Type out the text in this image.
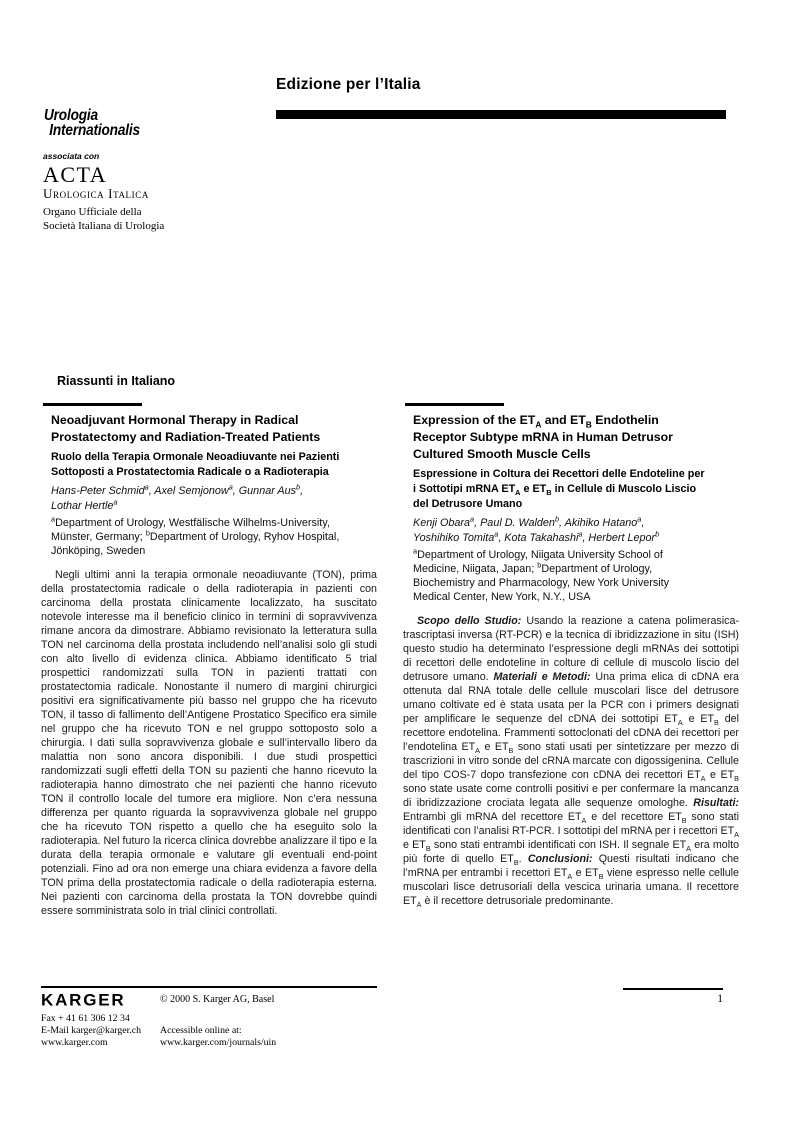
Edizione per l’Italia
Urologia
Internationalis
associata con
ACTA
Urologica Italica
Organo Ufficiale della
Società Italiana di Urologia
Riassunti in Italiano
Neoadjuvant Hormonal Therapy in Radical
Prostatectomy and Radiation-Treated Patients
Ruolo della Terapia Ormonale Neoadiuvante nei Pazienti
Sottoposti a Prostatectomia Radicale o a Radioterapia
Hans-Peter Schmid$^a$, Axel Semjonow$^a$, Gunnar Aus$^b$,
Lothar Hertle$^a$
$^a$Department of Urology, Westfälische Wilhelms-University,
Münster, Germany; $^b$Department of Urology, Ryhov Hospital,
Jönköping, Sweden

Negli ultimi anni la terapia ormonale neoadiuvante (TON), prima della prostatectomia radicale o della radioterapia in pazienti con carcinoma della prostata clinicamente localizzato, ha suscitato notevole interesse ma il beneficio clinico in termini di sopravvivenza rimane ancora da dimostrare. Abbiamo revisionato la letteratura sulla TON nel carcinoma della prostata includendo nell’analisi solo gli studi con alto livello di evidenza clinica. Abbiamo identificato 5 trial prospettici randomizzati sulla TON in pazienti trattati con prostatectomia radicale. Nonostante il numero di margini chirurgici positivi era significativamente più basso nel gruppo che ha ricevuto TON, il tasso di fallimento dell’Antigene Prostatico Specifico era simile nel gruppo che ha ricevuto TON e nel gruppo sottoposto solo a chirurgia. I dati sulla sopravvivenza globale e sull’intervallo libero da malattia non sono ancora disponibili. I due studi prospettici randomizzati sugli effetti della TON su pazienti che hanno ricevuto la radioterapia hanno dimostrato che nei pazienti che hanno ricevuto TON il controllo locale del tumore era migliore. Non c’era nessuna differenza per quanto riguarda la sopravvivenza globale nel gruppo che ha ricevuto TON rispetto a quello che ha eseguito solo la radioterapia. Nel futuro la ricerca clinica dovrebbe analizzare il tipo e la durata della terapia ormonale e valutare gli eventuali end-point potenziali. Fino ad ora non emerge una chiara evidenza a favore della TON prima della prostatectomia radicale o della radioterapia esterna. Nei pazienti con carcinoma della prostata la TON dovrebbe quindi essere somministrata solo in trial clinici controllati.

Expression of the $ET_A$ and $ET_B$ Endothelin
Receptor Subtype mRNA in Human Detrusor
Cultured Smooth Muscle Cells
Espressione in Coltura dei Recettori delle Endoteline per
i Sottotipi mRNA $ET_A$ e $ET_B$ in Cellule di Muscolo Liscio
del Detrusore Umano
Kenji Obara$^a$, Paul D. Walden$^b$, Akihiko Hatano$^a$,
Yoshihiko Tomita$^a$, Kota Takahashi$^a$, Herbert Lepor$^b$
$^a$Department of Urology, Niigata University School of
Medicine, Niigata, Japan; $^b$Department of Urology,
Biochemistry and Pharmacology, New York University
Medical Center, New York, N.Y., USA

Scopo dello Studio: Usando la reazione a catena polimerasica-trascriptasi inversa (RT-PCR) e la tecnica di ibridizzazione in situ (ISH) questo studio ha determinato l’espressione degli mRNAs dei sottotipi di recettori delle endoteline in colture di cellule di muscolo liscio del detrusore umano. Materiali e Metodi: Una prima elica di cDNA era ottenuta dal RNA totale delle cellule muscolari lisce del detrusore umano coltivate ed è stata usata per la PCR con i primers designati per amplificare le sequenze del cDNA dei sottotipi $ET_A$ e $ET_B$ del recettore endotelina. Frammenti sottoclonati del cDNA dei recettori per l’endotelina $ET_A$ e $ET_B$ sono stati usati per sintetizzare per mezzo di trascrizioni in vitro sonde del cRNA marcate con digossigenina. Cellule del tipo COS-7 dopo transfezione con cDNA dei recettori $ET_A$ e $ET_B$ sono state usate come controlli positivi e per confermare la mancanza di ibridizzazione crociata legata alle sequenze omologhe. Risultati: Entrambi gli mRNA del recettore $ET_A$ e del recettore $ET_B$ sono stati identificati con l’analisi RT-PCR. I sottotipi del mRNA per i recettori $ET_A$ e $ET_B$ sono stati entrambi identificati con ISH. Il segnale $ET_A$ era molto più forte di quello $ET_B$. Conclusioni: Questi risultati indicano che l’mRNA per entrambi i recettori $ET_A$ e $ET_B$ viene espresso nelle cellule muscolari lisce detrusoriali della vescica urinaria umana. Il recettore $ET_A$ è il recettore detrusoriale predominante.

KARGER	© 2000 S. Karger AG, Basel	1
Fax + 41 61 306 12 34
E-Mail karger@karger.ch
www.karger.com
Accessible online at:
www.karger.com/journals/uin
